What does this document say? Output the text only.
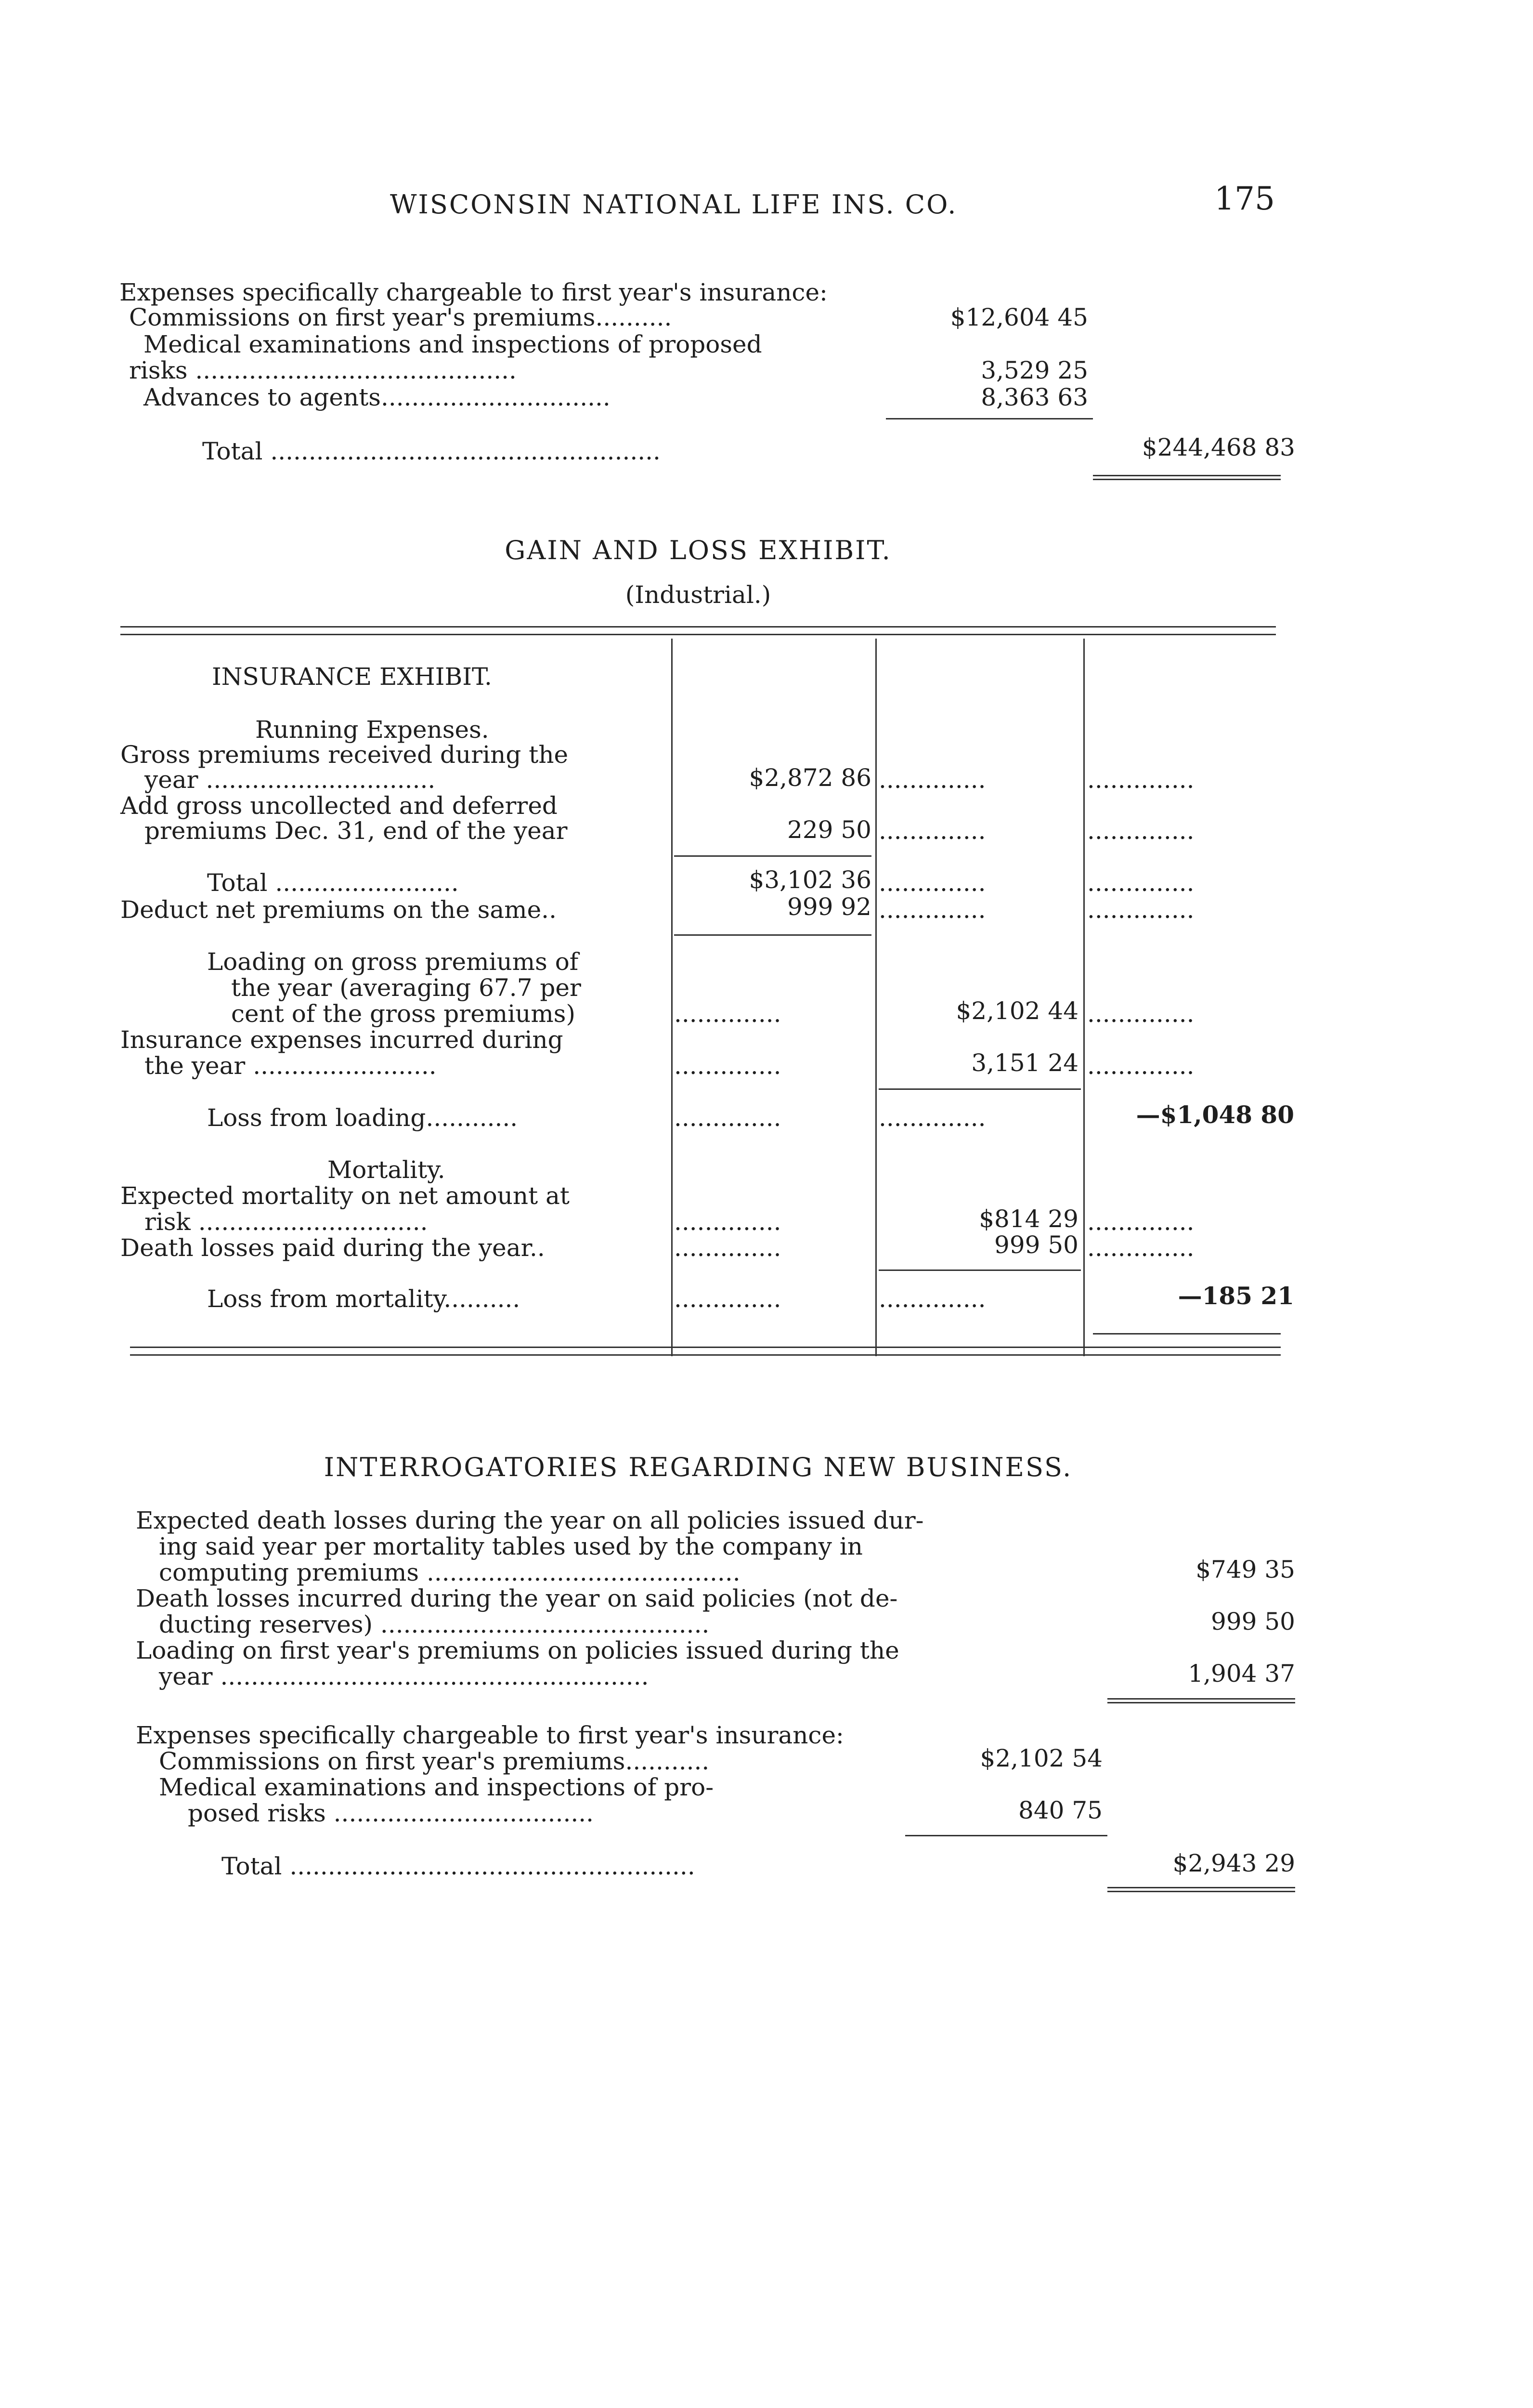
WISCONSIN NATIONAL LIFE INS. CO.	175
Expenses specifically chargeable to first year's insurance:
Commissions on first year's premiums..........	$12,604 45
Medical examinations and inspections of proposed
risks ..........................................	3,529 25
Advances to agents..............................	8,363 63
Total ...................................................	$244,468 83
GAIN AND LOSS EXHIBIT.
(Industrial.)
INSURANCE EXHIBIT.
Running Expenses.
Gross premiums received during the
year ..............................	$2,872 86 ..............	..............
Add gross uncollected and deferred
premiums Dec. 31, end of the year	229 50 ..............	..............
Total ........................	$3,102 36 ..............	..............
Deduct net premiums on the same..	999 92 ..............	..............
Loading on gross premiums of
the year (averaging 67.7 per
cent of the gross premiums)	..............	$2,102 44 ..............
Insurance expenses incurred during
the year ........................	..............	3,151 24 ..............
Loss from loading............	..............	..............	—$1,048 80
Mortality.
Expected mortality on net amount at
risk ..............................	..............	$814 29 ..............
Death losses paid during the year..	..............	999 50 ..............
Loss from mortality..........	..............	..............	—185 21
INTERROGATORIES REGARDING NEW BUSINESS.
Expected death losses during the year on all policies issued dur-
ing said year per mortality tables used by the company in
computing premiums .........................................	$749 35
Death losses incurred during the year on said policies (not de-
ducting reserves) ...........................................	999 50
Loading on first year's premiums on policies issued during the
year ........................................................	1,904 37
Expenses specifically chargeable to first year's insurance:
Commissions on first year's premiums...........	$2,102 54
Medical examinations and inspections of pro-
posed risks ..................................	840 75
Total .....................................................	$2,943 29
